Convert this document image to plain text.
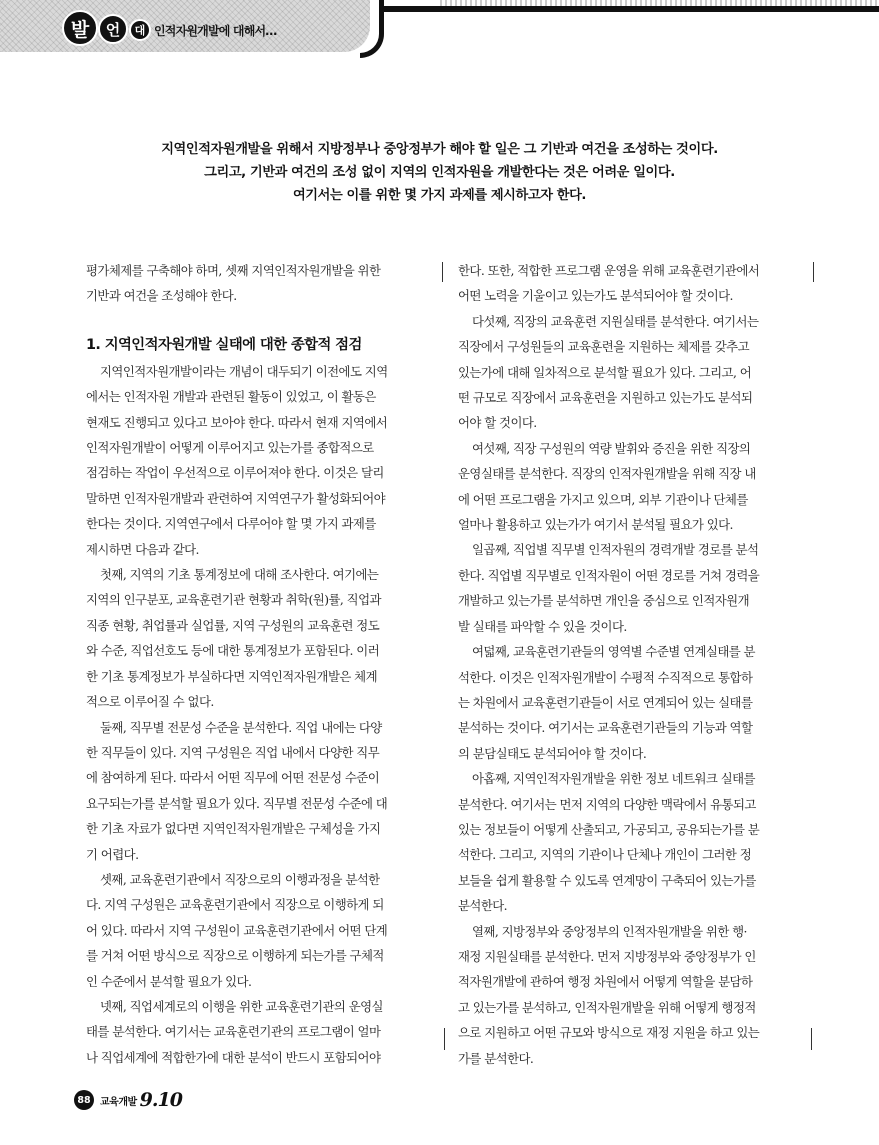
발	언	대 인적자원개발에 대해서…
지역인적자원개발을 위해서 지방정부나 중앙정부가 해야 할 일은 그 기반과 여건을 조성하는 것이다.
그리고, 기반과 여건의 조성 없이 지역의 인적자원을 개발한다는 것은 어려운 일이다.
여기서는 이를 위한 몇 가지 과제를 제시하고자 한다.

평가체제를 구축해야 하며, 셋째 지역인적자원개발을 위한
기반과 여건을 조성해야 한다.

1. 지역인적자원개발 실태에 대한 종합적 점검

지역인적자원개발이라는 개념이 대두되기 이전에도 지역
에서는 인적자원 개발과 관련된 활동이 있었고, 이 활동은
현재도 진행되고 있다고 보아야 한다. 따라서 현재 지역에서
인적자원개발이 어떻게 이루어지고 있는가를 종합적으로
점검하는 작업이 우선적으로 이루어져야 한다. 이것은 달리
말하면 인적자원개발과 관련하여 지역연구가 활성화되어야
한다는 것이다. 지역연구에서 다루어야 할 몇 가지 과제를
제시하면 다음과 같다.

첫째, 지역의 기초 통계정보에 대해 조사한다. 여기에는
지역의 인구분포, 교육훈련기관 현황과 취학(원)률, 직업과
직종 현황, 취업률과 실업률, 지역 구성원의 교육훈련 정도
와 수준, 직업선호도 등에 대한 통계정보가 포함된다. 이러
한 기초 통계정보가 부실하다면 지역인적자원개발은 체계
적으로 이루어질 수 없다.

둘째, 직무별 전문성 수준을 분석한다. 직업 내에는 다양
한 직무들이 있다. 지역 구성원은 직업 내에서 다양한 직무
에 참여하게 된다. 따라서 어떤 직무에 어떤 전문성 수준이
요구되는가를 분석할 필요가 있다. 직무별 전문성 수준에 대
한 기초 자료가 없다면 지역인적자원개발은 구체성을 가지
기 어렵다.

셋째, 교육훈련기관에서 직장으로의 이행과정을 분석한
다. 지역 구성원은 교육훈련기관에서 직장으로 이행하게 되
어 있다. 따라서 지역 구성원이 교육훈련기관에서 어떤 단계
를 거쳐 어떤 방식으로 직장으로 이행하게 되는가를 구체적
인 수준에서 분석할 필요가 있다.

넷째, 직업세계로의 이행을 위한 교육훈련기관의 운영실
태를 분석한다. 여기서는 교육훈련기관의 프로그램이 얼마
나 직업세계에 적합한가에 대한 분석이 반드시 포함되어야

한다. 또한, 적합한 프로그램 운영을 위해 교육훈련기관에서
어떤 노력을 기울이고 있는가도 분석되어야 할 것이다.

다섯째, 직장의 교육훈련 지원실태를 분석한다. 여기서는
직장에서 구성원들의 교육훈련을 지원하는 체제를 갖추고
있는가에 대해 일차적으로 분석할 필요가 있다. 그리고, 어
떤 규모로 직장에서 교육훈련을 지원하고 있는가도 분석되
어야 할 것이다.

여섯째, 직장 구성원의 역량 발휘와 증진을 위한 직장의
운영실태를 분석한다. 직장의 인적자원개발을 위해 직장 내
에 어떤 프로그램을 가지고 있으며, 외부 기관이나 단체를
얼마나 활용하고 있는가가 여기서 분석될 필요가 있다.

일곱째, 직업별 직무별 인적자원의 경력개발 경로를 분석
한다. 직업별 직무별로 인적자원이 어떤 경로를 거쳐 경력을
개발하고 있는가를 분석하면 개인을 중심으로 인적자원개
발 실태를 파악할 수 있을 것이다.

여덟째, 교육훈련기관들의 영역별 수준별 연계실태를 분
석한다. 이것은 인적자원개발이 수평적 수직적으로 통합하
는 차원에서 교육훈련기관들이 서로 연계되어 있는 실태를
분석하는 것이다. 여기서는 교육훈련기관들의 기능과 역할
의 분담실태도 분석되어야 할 것이다.

아홉째, 지역인적자원개발을 위한 정보 네트워크 실태를
분석한다. 여기서는 먼저 지역의 다양한 맥락에서 유통되고
있는 정보들이 어떻게 산출되고, 가공되고, 공유되는가를 분
석한다. 그리고, 지역의 기관이나 단체나 개인이 그러한 정
보들을 쉽게 활용할 수 있도록 연계망이 구축되어 있는가를
분석한다.

열째, 지방정부와 중앙정부의 인적자원개발을 위한 행·
재정 지원실태를 분석한다. 먼저 지방정부와 중앙정부가 인
적자원개발에 관하여 행정 차원에서 어떻게 역할을 분담하
고 있는가를 분석하고, 인적자원개발을 위해 어떻게 행정적
으로 지원하고 어떤 규모와 방식으로 재정 지원을 하고 있는
가를 분석한다.

88 교육개발 9.10
